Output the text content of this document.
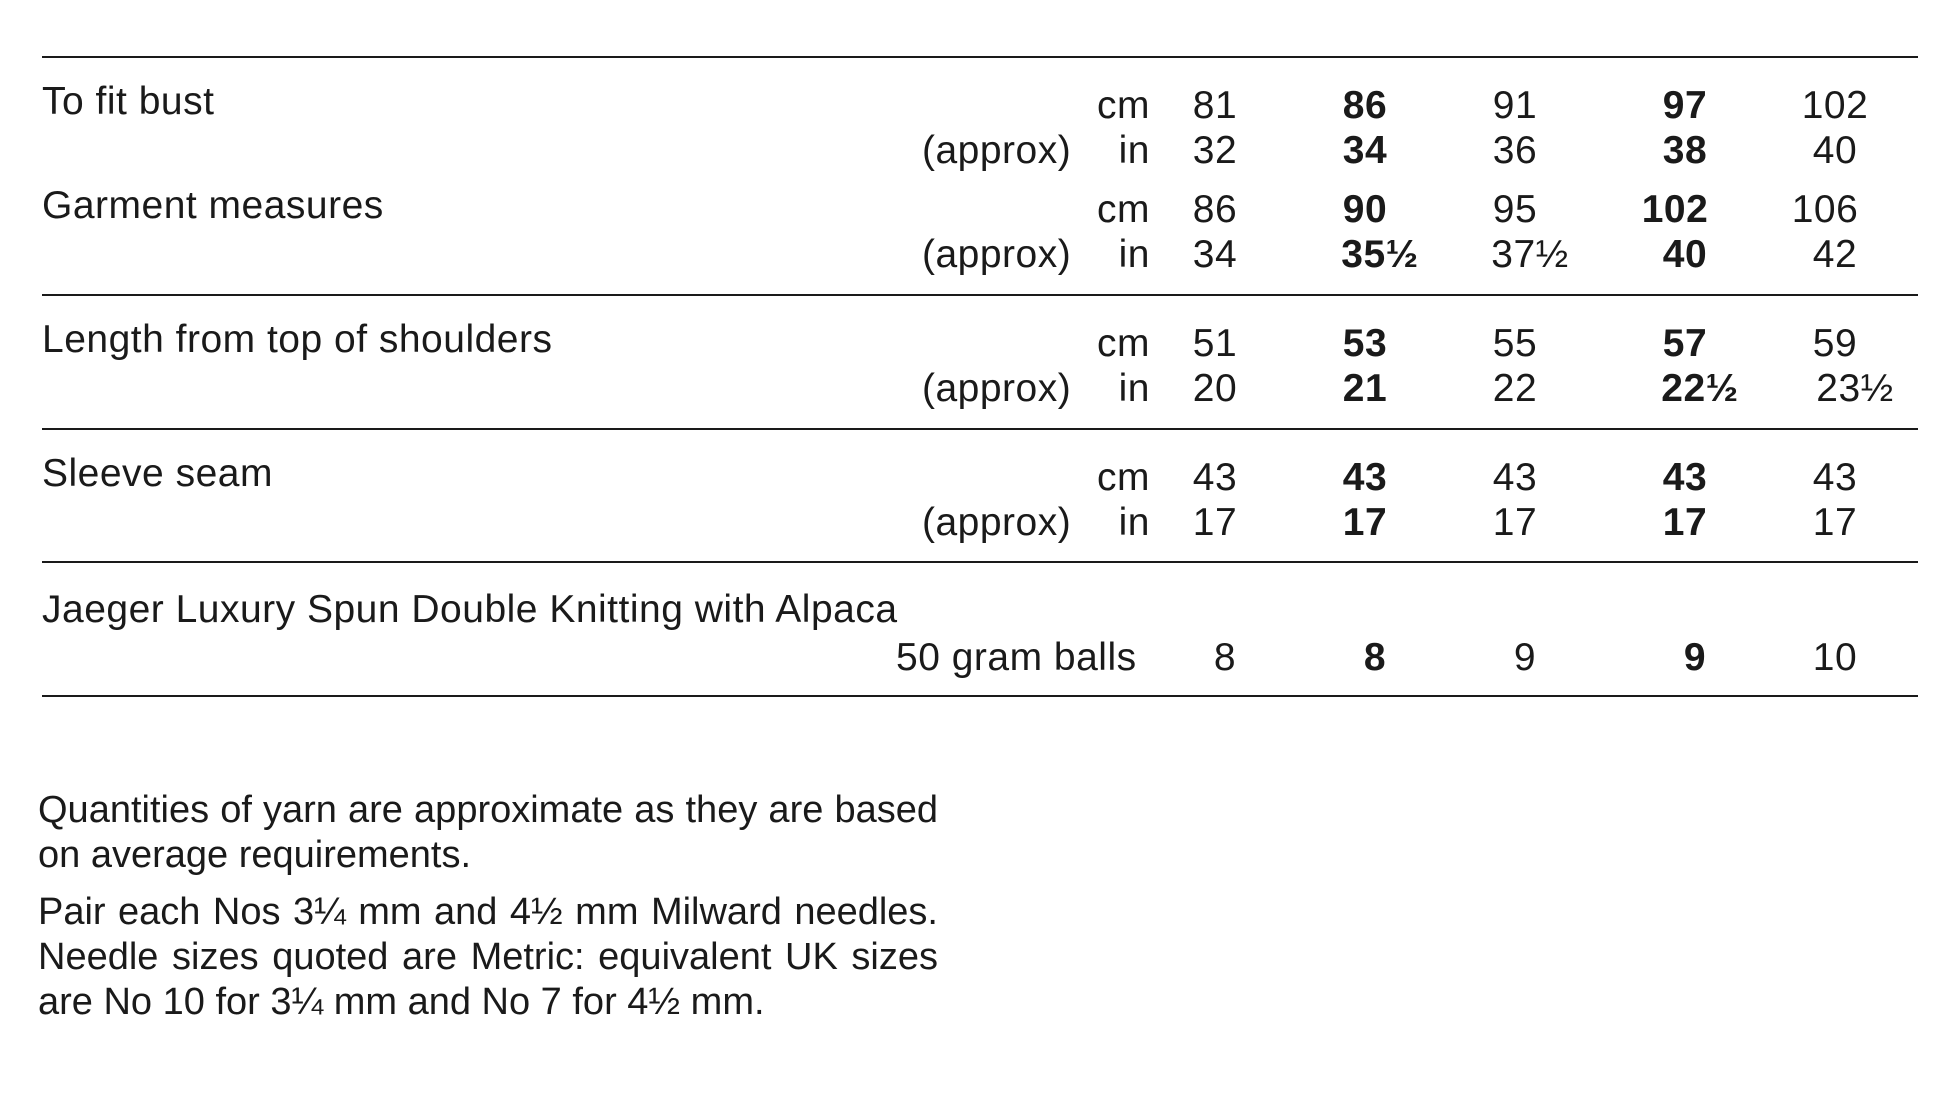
To fit bust	cm	81	86	91	97	102
(approx)	in	32	34	36	38	40
Garment measures	cm	86	90	95	102	106
(approx)	in	34	35½	37½	40	42
Length from top of shoulders	cm	51	53	55	57	59
(approx)	in	20	21	22	22½	23½
Sleeve seam	cm	43	43	43	43	43
(approx)	in	17	17	17	17	17
Jaeger Luxury Spun Double Knitting with Alpaca
50 gram balls	8	8	9	9	10
Quantities of yarn are approximate as they are based on average requirements.
Pair each Nos 3¼ mm and 4½ mm Milward needles. Needle sizes quoted are Metric: equivalent UK sizes are No 10 for 3¼ mm and No 7 for 4½ mm.
